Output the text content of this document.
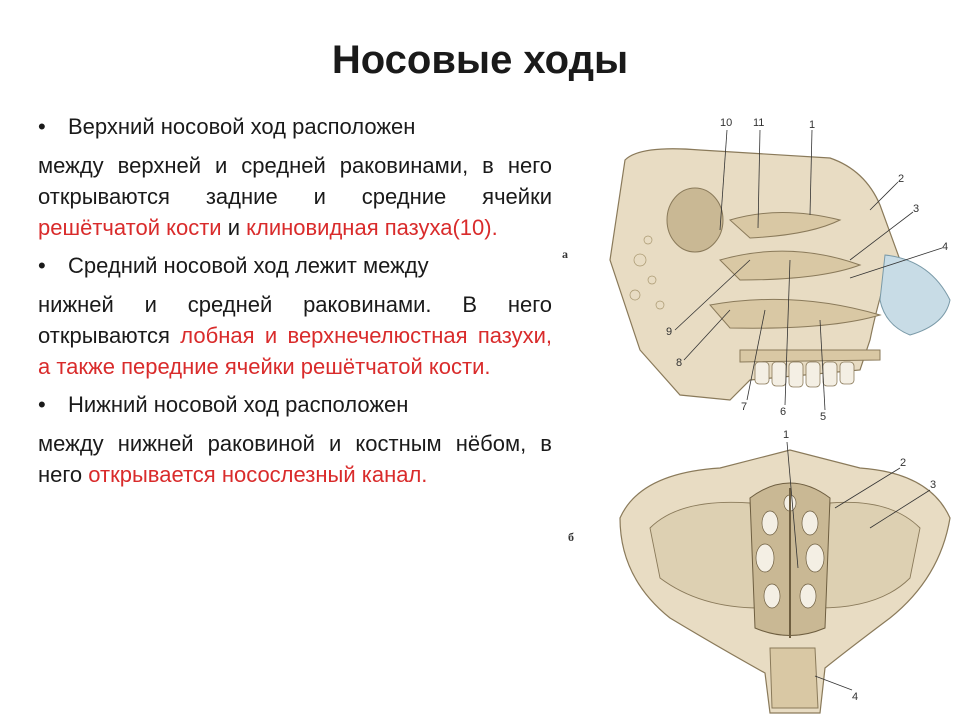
Носовые ходы
• Верхний носовой ход расположен
между верхней и средней раковинами, в него открываются задние и средние ячейки решётчатой кости и клиновидная пазуха(10).
• Средний носовой ход лежит между
нижней и средней раковинами. В него открываются лобная и верхнечелюстная пазухи, а также передние ячейки решётчатой кости.
• Нижний носовой ход расположен
между нижней раковиной и костным нёбом, в него открывается носослезный канал.
а
10 11	1
2
3
4
9
8
7	6	5
б
1
2
3
4
